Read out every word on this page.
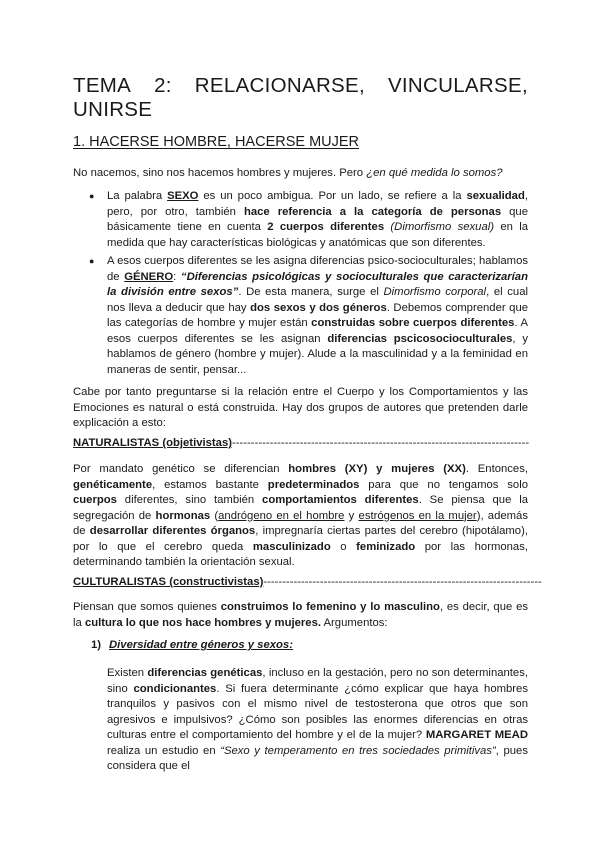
TEMA 2: RELACIONARSE, VINCULARSE,
UNIRSE
1. HACERSE HOMBRE, HACERSE MUJER
No nacemos, sino nos hacemos hombres y mujeres. Pero ¿en qué medida lo somos?
● La palabra SEXO es un poco ambigua. Por un lado, se refiere a la sexualidad, pero, por otro, también hace referencia a la categoría de personas que básicamente tiene en cuenta 2 cuerpos diferentes (Dimorfismo sexual) en la medida que hay características biológicas y anatómicas que son diferentes.
● A esos cuerpos diferentes se les asigna diferencias psico-socioculturales; hablamos de GÉNERO: “Diferencias psicológicas y socioculturales que caracterizarían la división entre sexos”. De esta manera, surge el Dimorfismo corporal, el cual nos lleva a deducir que hay dos sexos y dos géneros. Debemos comprender que las categorías de hombre y mujer están construidas sobre cuerpos diferentes. A esos cuerpos diferentes se les asignan diferencias pscicosocioculturales, y hablamos de género (hombre y mujer). Alude a la masculinidad y a la feminidad en maneras de sentir, pensar...
Cabe por tanto preguntarse si la relación entre el Cuerpo y los Comportamientos y las Emociones es natural o está construida. Hay dos grupos de autores que pretenden darle explicación a esto:
NATURALISTAS (objetivistas)-------------------------------------------------------------------------------
Por mandato genético se diferencian hombres (XY) y mujeres (XX). Entonces, genéticamente, estamos bastante predeterminados para que no tengamos solo cuerpos diferentes, sino también comportamientos diferentes. Se piensa que la segregación de hormonas (andrógeno en el hombre y estrógenos en la mujer), además de desarrollar diferentes órganos, impregnaría ciertas partes del cerebro (hipotálamo), por lo que el cerebro queda masculinizado o feminizado por las hormonas, determinando también la orientación sexual.
CULTURALISTAS (constructivistas)--------------------------------------------------------------------------
Piensan que somos quienes construimos lo femenino y lo masculino, es decir, que es la cultura lo que nos hace hombres y mujeres. Argumentos:
1) Diversidad entre géneros y sexos:
Existen diferencias genéticas, incluso en la gestación, pero no son determinantes, sino condicionantes. Si fuera determinante ¿cómo explicar que haya hombres tranquilos y pasivos con el mismo nivel de testosterona que otros que son agresivos e impulsivos? ¿Cómo son posibles las enormes diferencias en otras culturas entre el comportamiento del hombre y el de la mujer? MARGARET MEAD realiza un estudio en “Sexo y temperamento en tres sociedades primitivas”, pues considera que el
